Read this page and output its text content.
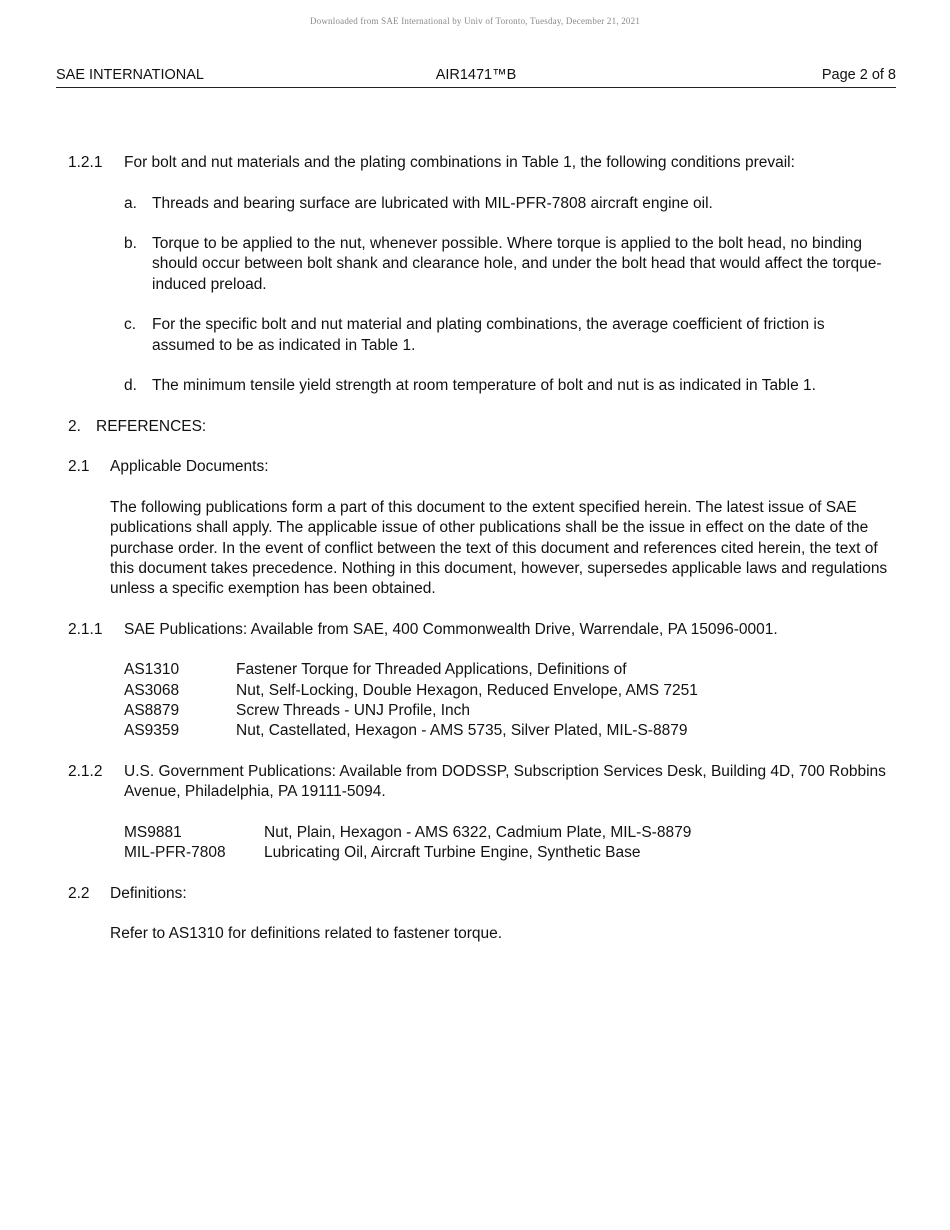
Downloaded from SAE International by Univ of Toronto, Tuesday, December 21, 2021
AIR1471™B
SAE INTERNATIONAL	Page 2 of 8
1.2.1 For bolt and nut materials and the plating combinations in Table 1, the following conditions prevail:

a. Threads and bearing surface are lubricated with MIL-PFR-7808 aircraft engine oil.

b. Torque to be applied to the nut, whenever possible. Where torque is applied to the bolt head, no binding should occur between bolt shank and clearance hole, and under the bolt head that would affect the torque-induced preload.

c. For the specific bolt and nut material and plating combinations, the average coefficient of friction is assumed to be as indicated in Table 1.

d. The minimum tensile yield strength at room temperature of bolt and nut is as indicated in Table 1.

2. REFERENCES:

2.1 Applicable Documents:

The following publications form a part of this document to the extent specified herein. The latest issue of SAE publications shall apply. The applicable issue of other publications shall be the issue in effect on the date of the purchase order. In the event of conflict between the text of this document and references cited herein, the text of this document takes precedence. Nothing in this document, however, supersedes applicable laws and regulations unless a specific exemption has been obtained.

2.1.1 SAE Publications: Available from SAE, 400 Commonwealth Drive, Warrendale, PA 15096-0001.

AS1310	Fastener Torque for Threaded Applications, Definitions of

AS3068	Nut, Self-Locking, Double Hexagon, Reduced Envelope, AMS 7251

AS8879	Screw Threads - UNJ Profile, Inch

AS9359	Nut, Castellated, Hexagon - AMS 5735, Silver Plated, MIL-S-8879

2.1.2 U.S. Government Publications: Available from DODSSP, Subscription Services Desk, Building 4D, 700 Robbins Avenue, Philadelphia, PA 19111-5094.

MS9881	Nut, Plain, Hexagon - AMS 6322, Cadmium Plate, MIL-S-8879

MIL-PFR-7808 Lubricating Oil, Aircraft Turbine Engine, Synthetic Base

2.2 Definitions:

Refer to AS1310 for definitions related to fastener torque.
